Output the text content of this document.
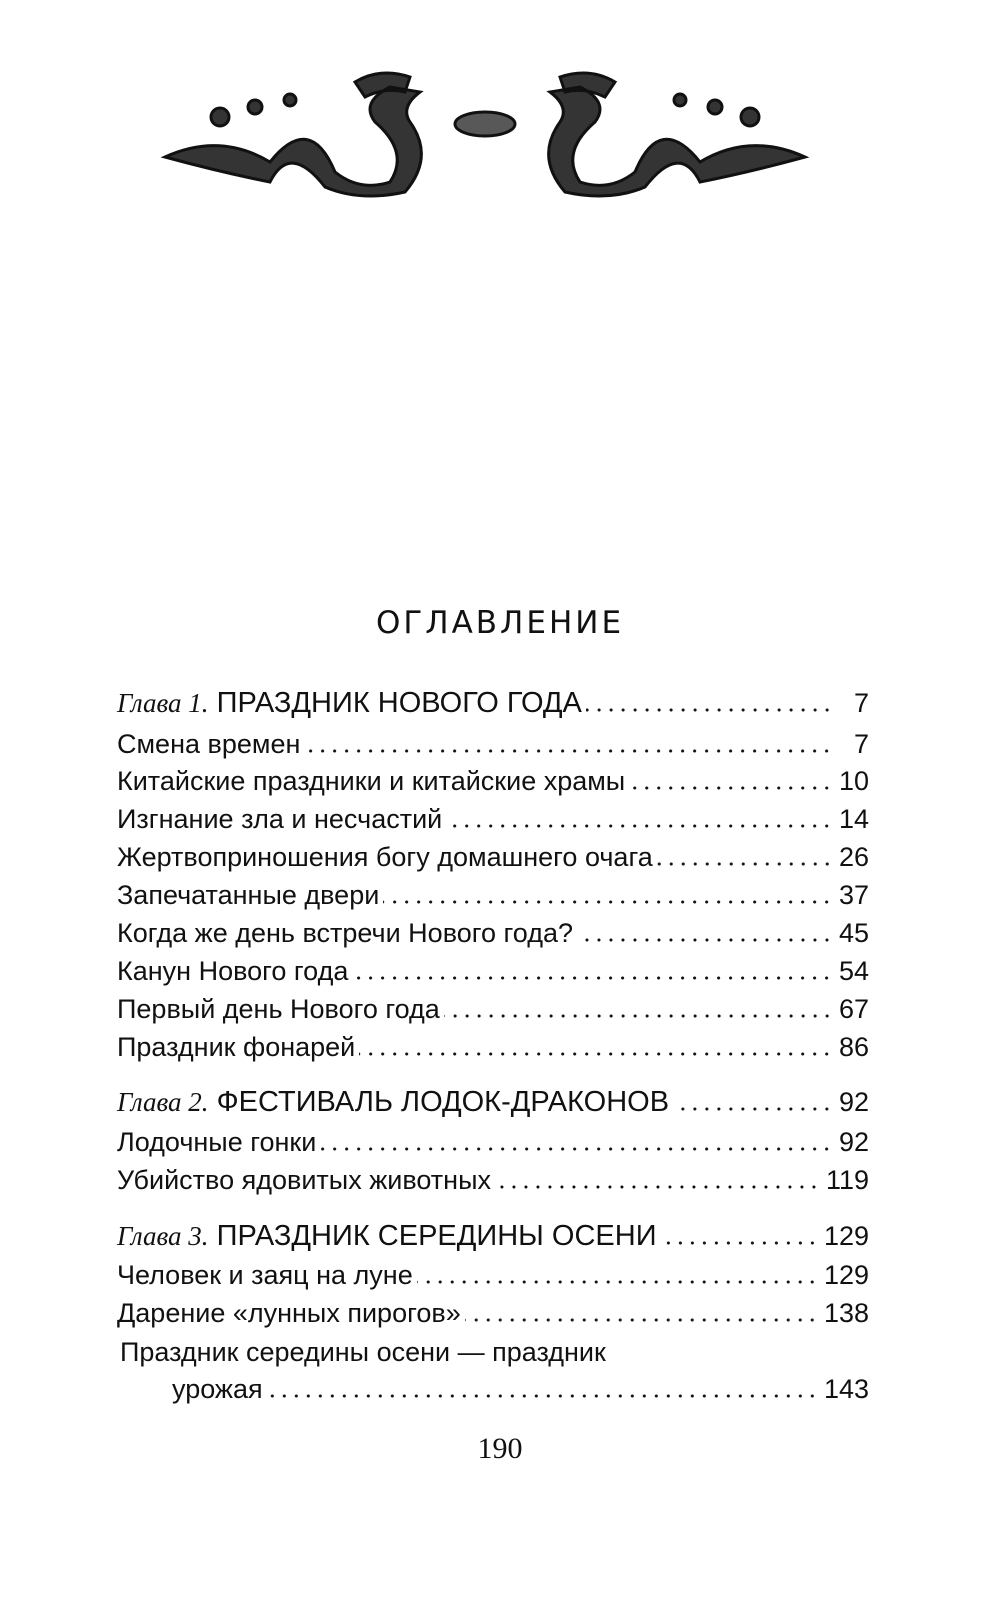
ОГЛАВЛЕНИЕ
Глава 1. ПРАЗДНИК НОВОГО ГОДА	7
Смена времен	7
Китайские праздники и китайские храмы	10
Изгнание зла и несчастий	14
Жертвоприношения богу домашнего очага	26
Запечатанные двери	37
Когда же день встречи Нового года?	45
Канун Нового года	54
Первый день Нового года	67
Праздник фонарей	86
Глава 2. ФЕСТИВАЛЬ ЛОДОК-ДРАКОНОВ	92
Лодочные гонки	92
Убийство ядовитых животных	119
Глава 3. ПРАЗДНИК СЕРЕДИНЫ ОСЕНИ	129
Человек и заяц на луне	129
Дарение «лунных пирогов»	138
Праздник середины осени — праздник
урожая	143
190
